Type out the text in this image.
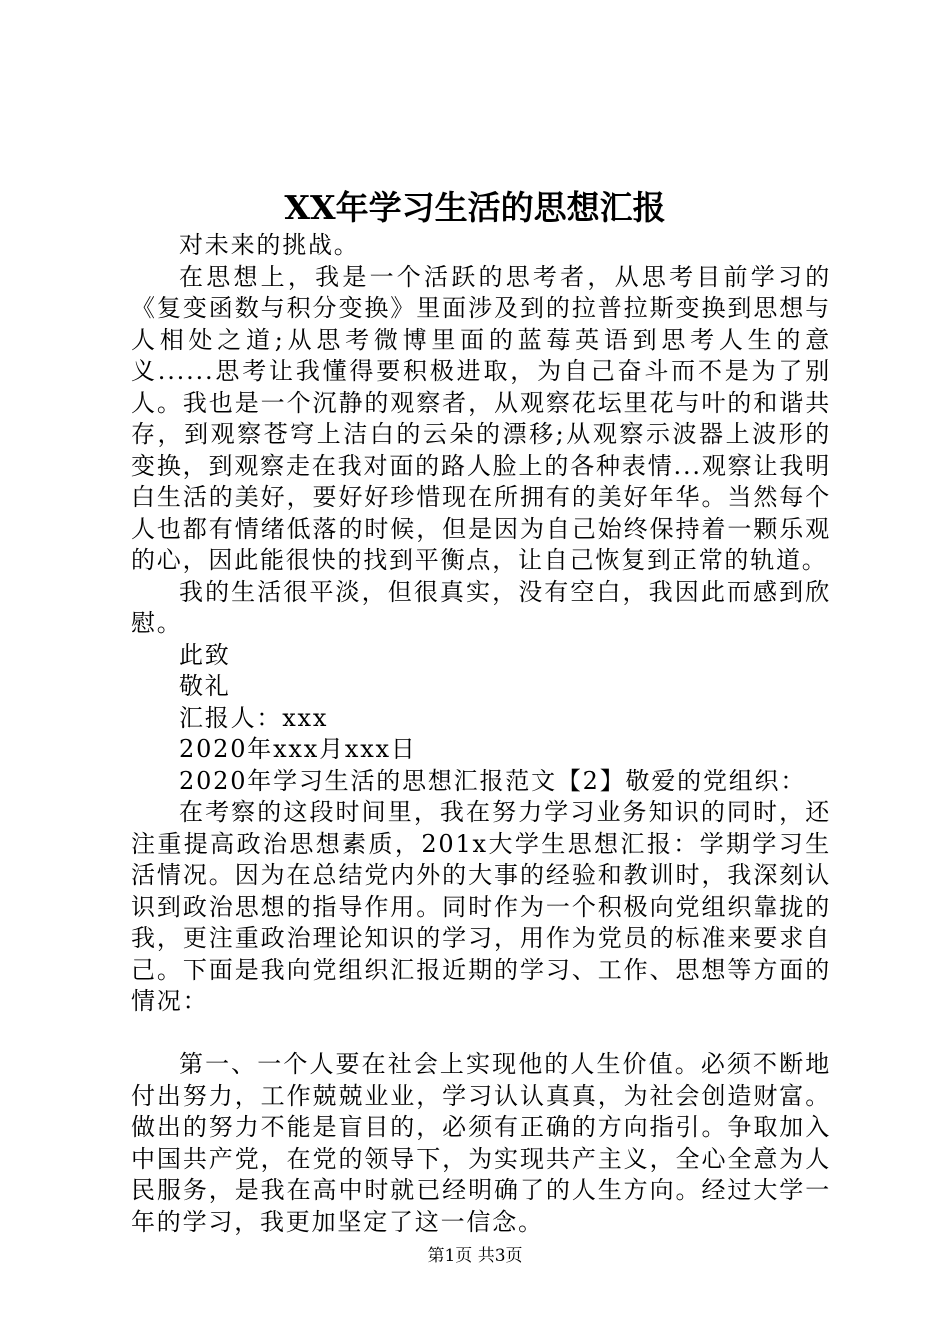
XX年学习生活的思想汇报

对未来的挑战。

在思想上，我是一个活跃的思考者，从思考目前学习的《复变函数与积分变换》里面涉及到的拉普拉斯变换到思想与人相处之道;从思考微博里面的蓝莓英语到思考人生的意义......思考让我懂得要积极进取，为自己奋斗而不是为了别人。我也是一个沉静的观察者，从观察花坛里花与叶的和谐共存，到观察苍穹上洁白的云朵的漂移;从观察示波器上波形的变换，到观察走在我对面的路人脸上的各种表情...观察让我明白生活的美好，要好好珍惜现在所拥有的美好年华。当然每个人也都有情绪低落的时候，但是因为自己始终保持着一颗乐观的心，因此能很快的找到平衡点，让自己恢复到正常的轨道。

我的生活很平淡，但很真实，没有空白，我因此而感到欣慰。

此致

敬礼

汇报人：xxx

2020年xxx月xxx日

2020年学习生活的思想汇报范文【2】敬爱的党组织：

在考察的这段时间里，我在努力学习业务知识的同时，还注重提高政治思想素质，201x大学生思想汇报：学期学习生活情况。因为在总结党内外的大事的经验和教训时，我深刻认识到政治思想的指导作用。同时作为一个积极向党组织靠拢的我，更注重政治理论知识的学习，用作为党员的标准来要求自己。下面是我向党组织汇报近期的学习、工作、思想等方面的情况：

第一、一个人要在社会上实现他的人生价值。必须不断地付出努力，工作兢兢业业，学习认认真真，为社会创造财富。做出的努力不能是盲目的，必须有正确的方向指引。争取加入中国共产党，在党的领导下，为实现共产主义，全心全意为人民服务，是我在高中时就已经明确了的人生方向。经过大学一年的学习，我更加坚定了这一信念。

第1页 共3页
